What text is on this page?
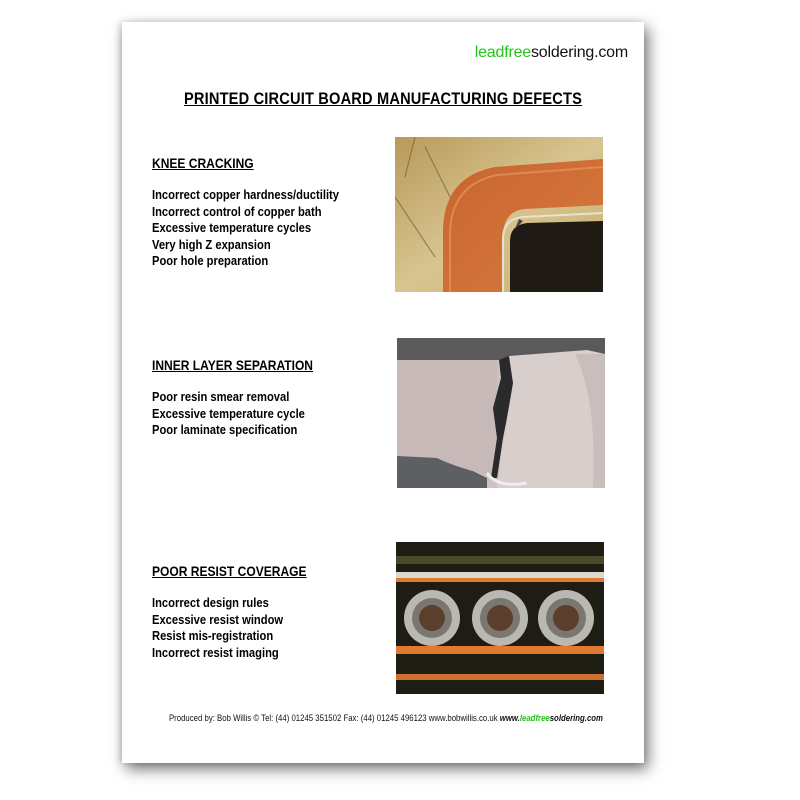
leadfreesoldering.com
PRINTED CIRCUIT BOARD MANUFACTURING DEFECTS
KNEE CRACKING
Incorrect copper hardness/ductility
Incorrect control of copper bath
Excessive temperature cycles
Very high Z expansion
Poor hole preparation
INNER LAYER SEPARATION
Poor resin smear removal
Excessive temperature cycle
Poor laminate specification
POOR RESIST COVERAGE
Incorrect design rules
Excessive resist window
Resist mis-registration
Incorrect resist imaging
Produced by: Bob Willis © Tel: (44) 01245 351502 Fax: (44) 01245 496123 www.bobwillis.co.uk www.leadfreesoldering.com
